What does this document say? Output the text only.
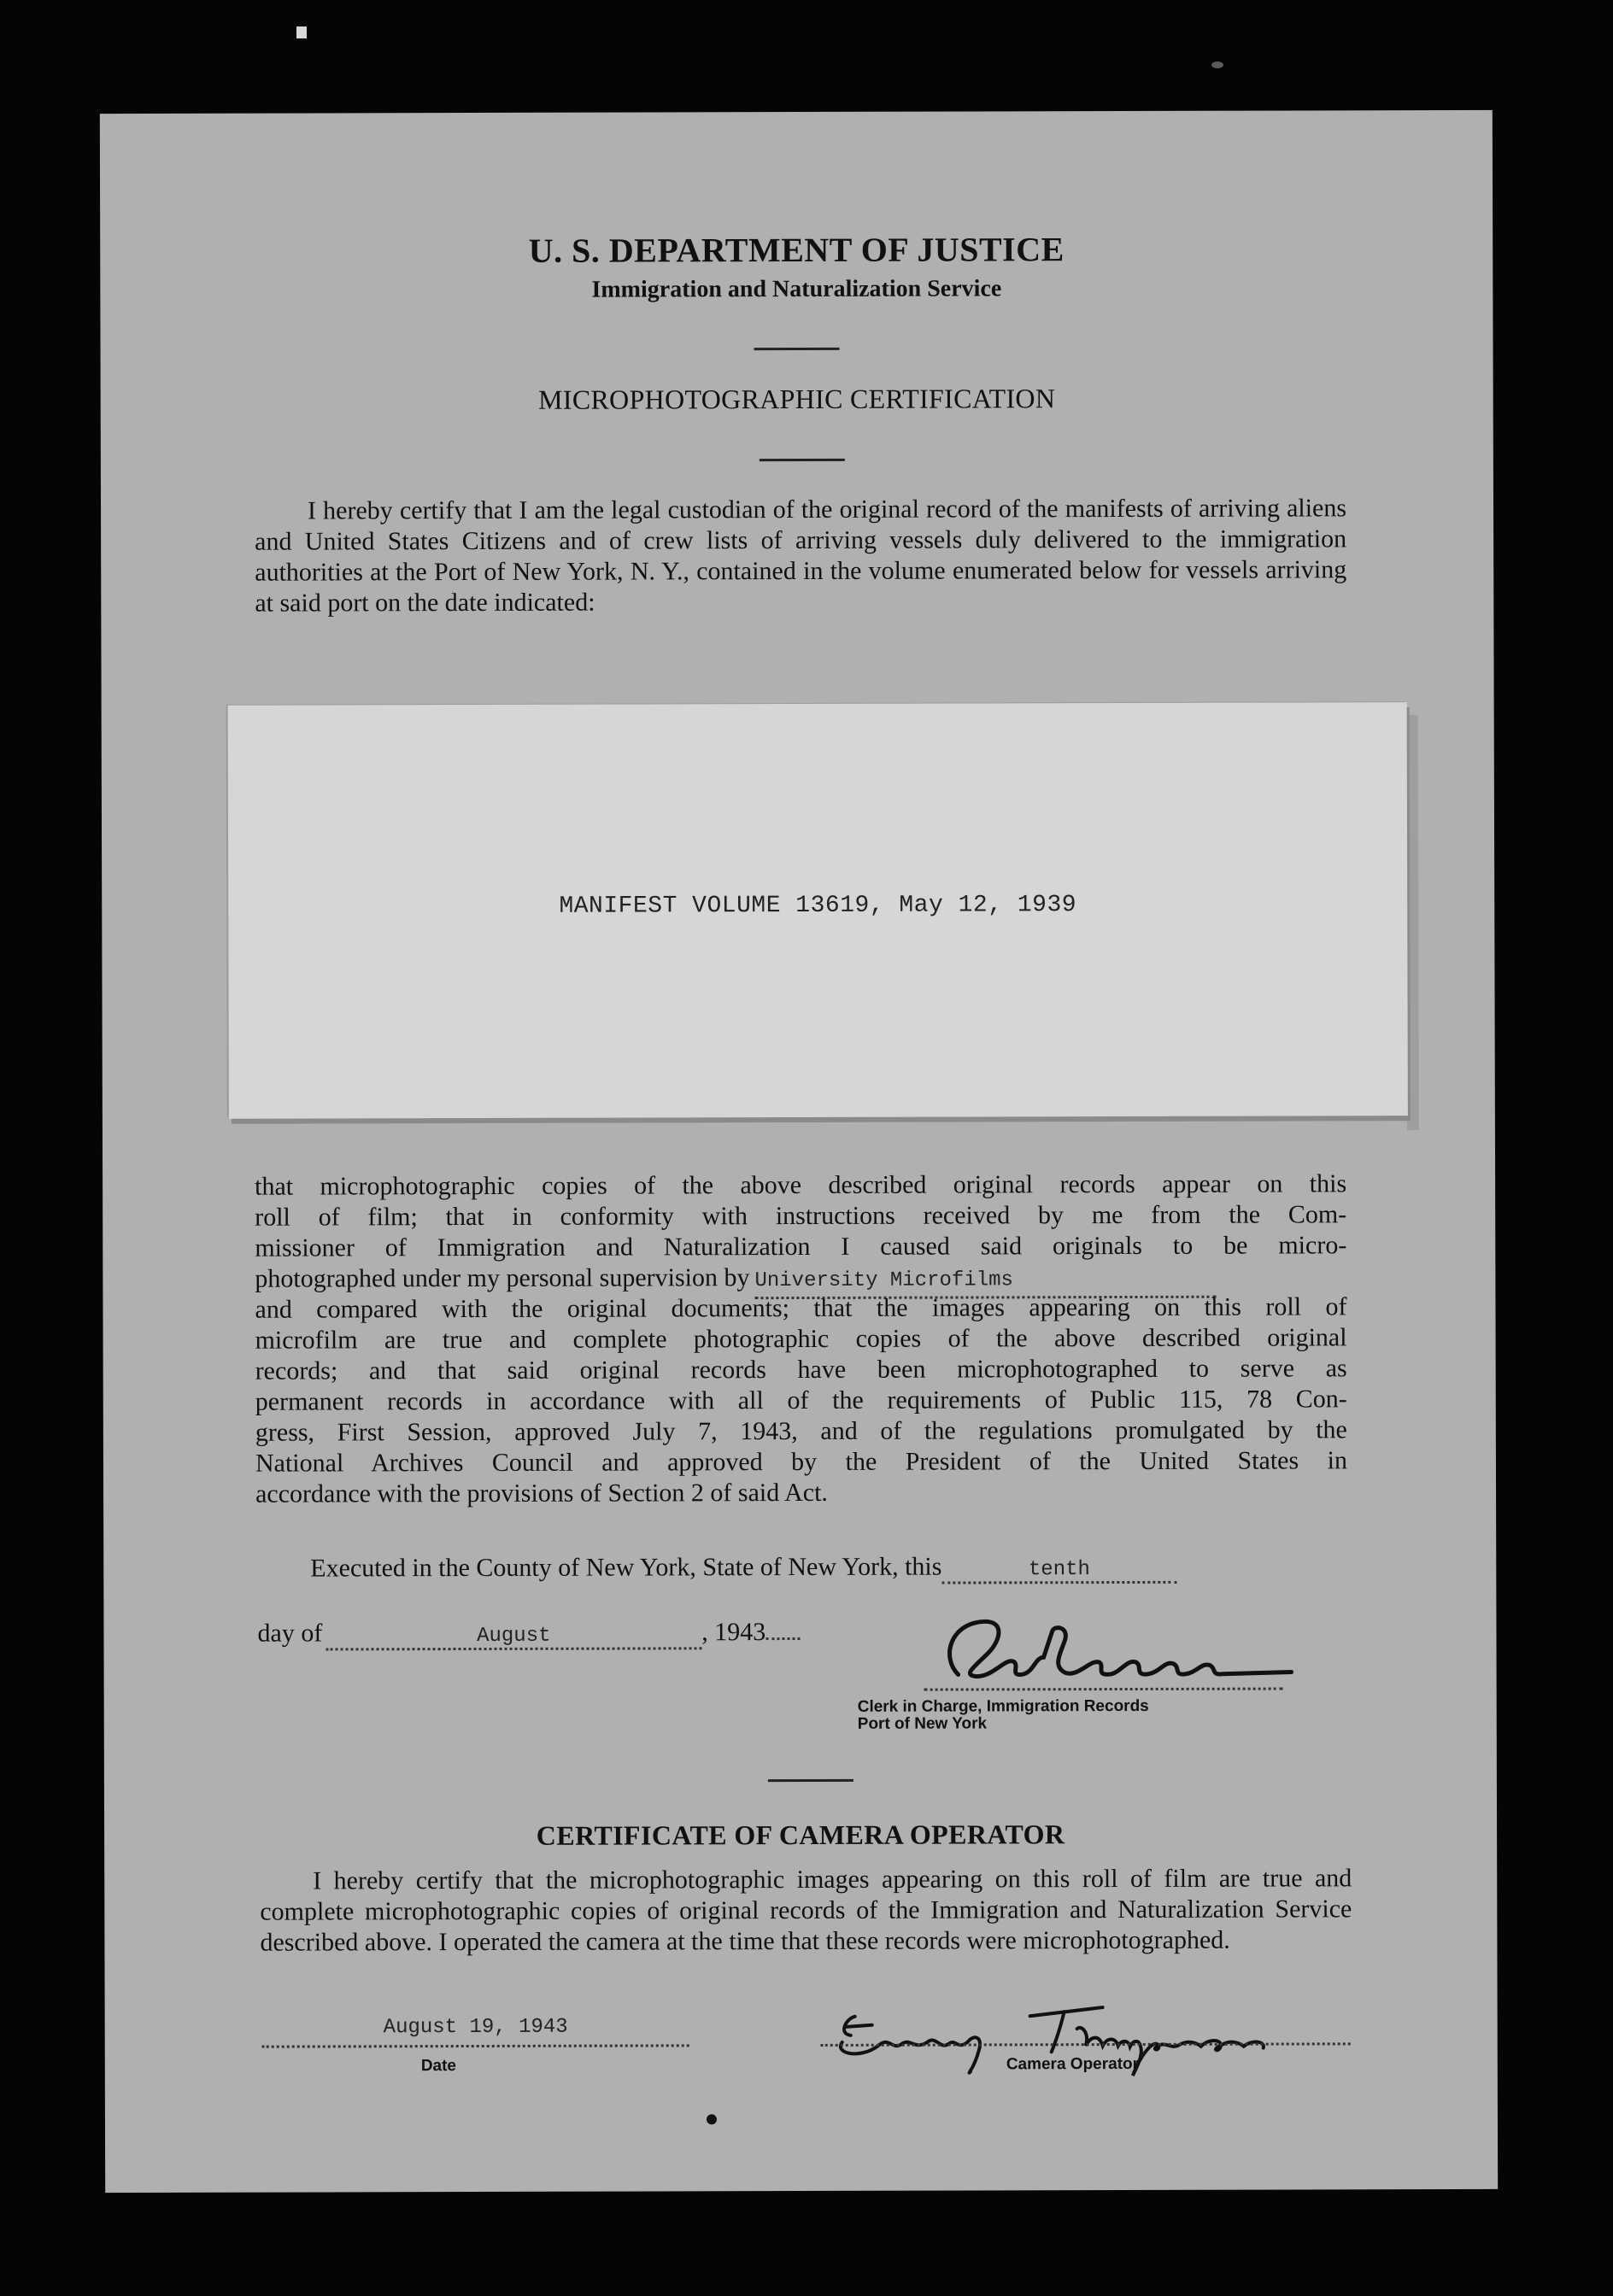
U. S. DEPARTMENT OF JUSTICE
Immigration and Naturalization Service
MICROPHOTOGRAPHIC CERTIFICATION
I hereby certify that I am the legal custodian of the original record of the manifests of arriving aliens and United States Citizens and of crew lists of arriving vessels duly delivered to the immigration authorities at the Port of New York, N. Y., contained in the volume enumerated below for vessels arriving at said port on the date indicated:
MANIFEST VOLUME 13619, May 12, 1939
that microphotographic copies of the above described original records appear on this
roll of film; that in conformity with instructions received by me from the Com-
missioner of Immigration and Naturalization I caused said originals to be micro-
photographed under my personal supervision by University Microfilms
and compared with the original documents; that the images appearing on this roll of
microfilm are true and complete photographic copies of the above described original
records; and that said original records have been microphotographed to serve as
permanent records in accordance with all of the requirements of Public 115, 78 Con-
gress, First Session, approved July 7, 1943, and of the regulations promulgated by the
National Archives Council and approved by the President of the United States in
accordance with the provisions of Section 2 of said Act.
Executed in the County of New York, State of New York, this	tenth
day of	August	, 1943
Clerk in Charge, Immigration Records
Port of New York
CERTIFICATE OF CAMERA OPERATOR
I hereby certify that the microphotographic images appearing on this roll of film are true and complete microphotographic copies of original records of the Immigration and Naturalization Service described above. I operated the camera at the time that these records were microphotographed.
August 19, 1943
Date	Camera Operator
